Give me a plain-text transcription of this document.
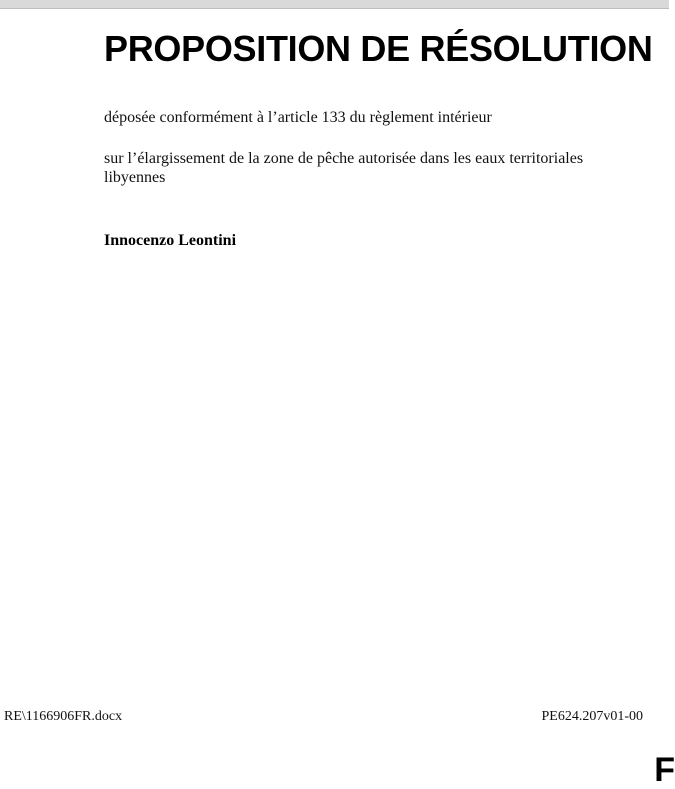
PROPOSITION DE RÉSOLUTION

déposée conformément à l’article 133 du règlement intérieur

sur l’élargissement de la zone de pêche autorisée dans les eaux territoriales libyennes

Innocenzo Leontini

RE\1166906FR.docx	PE624.207v01-00
F
